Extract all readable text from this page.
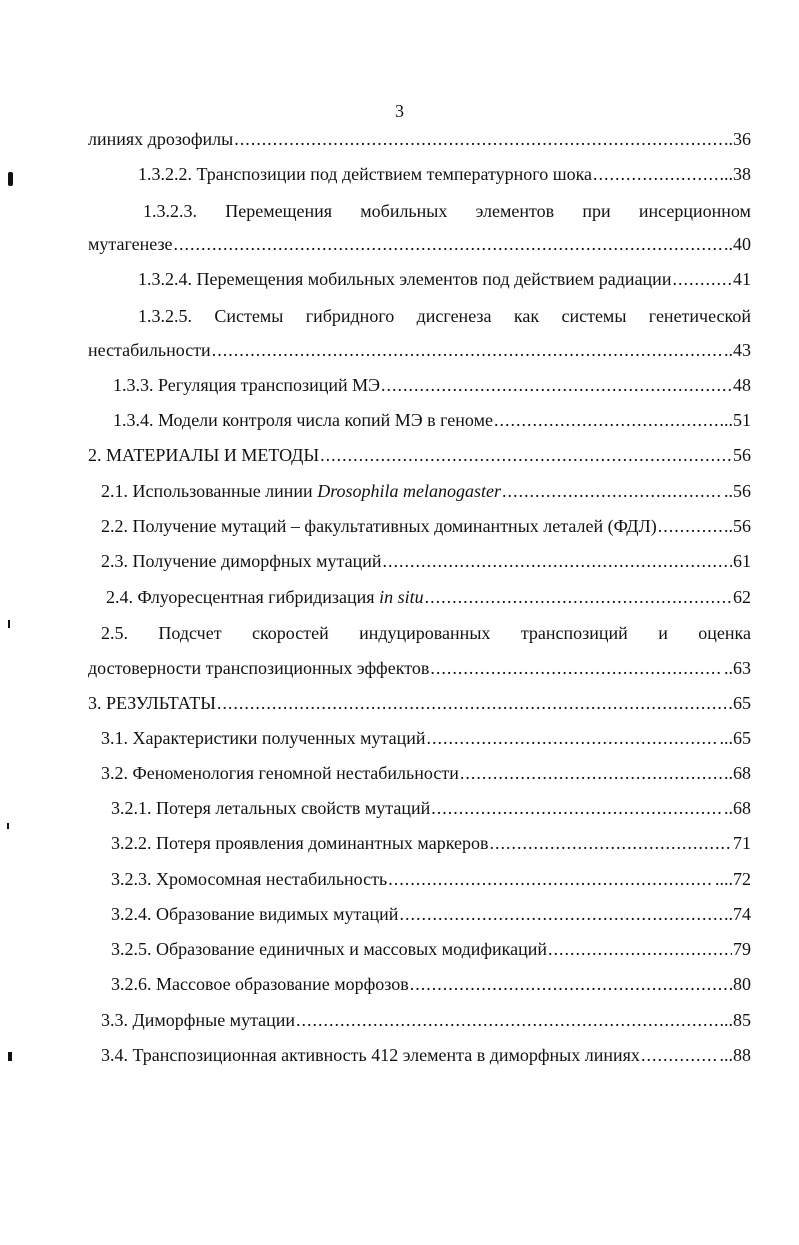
3
линиях дрозофилы .....	..36
1.3.2.2. Транспозиции под действием температурного шока .....	..38
1.3.2.3. Перемещения мобильных элементов при инсерционном
мутагенезе .....	..40
1.3.2.4. Перемещения мобильных элементов под действием радиации .....	41
1.3.2.5. Системы гибридного дисгенеза как системы генетической
нестабильности .....	..43
1.3.3. Регуляция транспозиций МЭ .....	48
1.3.4. Модели контроля числа копий МЭ в геноме .....	..51
2. МАТЕРИАЛЫ И МЕТОДЫ .....	56
2.1. Использованные линии Drosophila melanogaster .....	..56
2.2. Получение мутаций – факультативных доминантных леталей (ФДЛ) .....	..56
2.3. Получение диморфных мутаций .....	61
2.4. Флуоресцентная гибридизация in situ .....	62
2.5. Подсчет скоростей индуцированных транспозиций и оценка
достоверности транспозиционных эффектов .....	..63
3. РЕЗУЛЬТАТЫ .....	65
3.1. Характеристики полученных мутаций .....	...65
3.2. Феноменология геномной нестабильности .....	..68
3.2.1. Потеря летальных свойств мутаций .....	..68
3.2.2. Потеря проявления доминантных маркеров .....	71
3.2.3. Хромосомная нестабильность .....	....72
3.2.4. Образование видимых мутаций .....	..74
3.2.5. Образование единичных и массовых модификаций .....	79
3.2.6. Массовое образование морфозов .....	80
3.3. Диморфные мутации .....	..85
3.4. Транспозиционная активность 412 элемента в диморфных линиях .....	...88
